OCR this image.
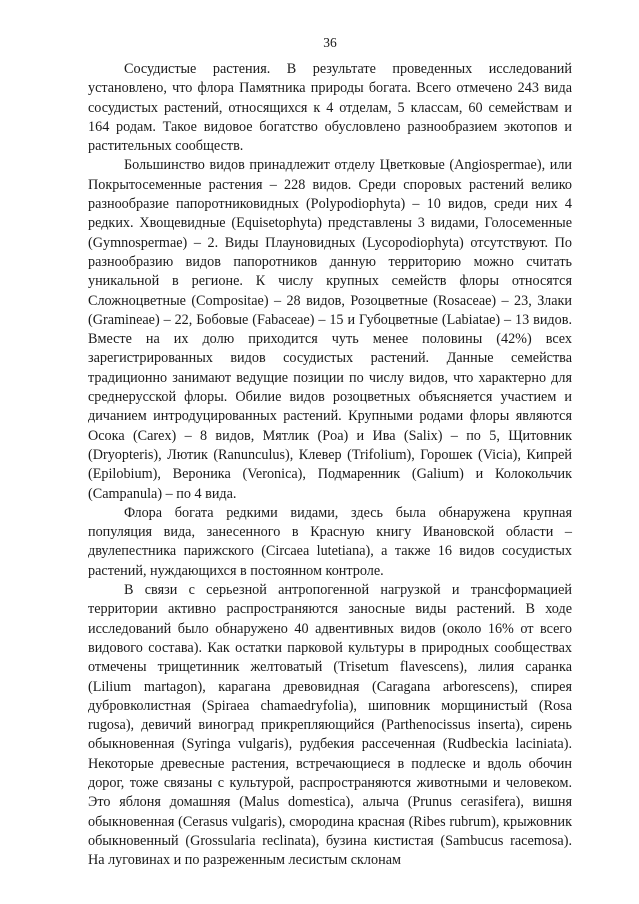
36

Сосудистые растения. В результате проведенных исследований установлено, что флора Памятника природы богата. Всего отмечено 243 вида сосудистых растений, относящихся к 4 отделам, 5 классам, 60 семействам и 164 родам. Такое видовое богатство обусловлено разнообразием экотопов и растительных сообществ.

Большинство видов принадлежит отделу Цветковые (Angiospermae), или Покрытосеменные растения – 228 видов. Среди споровых растений велико разнообразие папоротниковидных (Polypodiophyta) – 10 видов, среди них 4 редких. Хвощевидные (Equisetophyta) представлены 3 видами, Голосеменные (Gymnospermae) – 2. Виды Плауновидных (Lycopodiophyta) отсутствуют. По разнообразию видов папоротников данную территорию можно считать уникальной в регионе. К числу крупных семейств флоры относятся Сложноцветные (Compositae) – 28 видов, Розоцветные (Rosaceae) – 23, Злаки (Gramineae) – 22, Бобовые (Fabaceae) – 15 и Губоцветные (Labiatae) – 13 видов. Вместе на их долю приходится чуть менее половины (42%) всех зарегистрированных видов сосудистых растений. Данные семейства традиционно занимают ведущие позиции по числу видов, что характерно для среднерусской флоры. Обилие видов розоцветных объясняется участием и дичанием интродуцированных растений. Крупными родами флоры являются Осока (Carex) – 8 видов, Мятлик (Poa) и Ива (Salix) – по 5, Щитовник (Dryopteris), Лютик (Ranunculus), Клевер (Trifolium), Горошек (Vicia), Кипрей (Epilobium), Вероника (Veronica), Подмаренник (Galium) и Колокольчик (Campanula) – по 4 вида.

Флора богата редкими видами, здесь была обнаружена крупная популяция вида, занесенного в Красную книгу Ивановской области – двулепестника парижского (Circaea lutetiana), а также 16 видов сосудистых растений, нуждающихся в постоянном контроле.

В связи с серьезной антропогенной нагрузкой и трансформацией территории активно распространяются заносные виды растений. В ходе исследований было обнаружено 40 адвентивных видов (около 16% от всего видового состава). Как остатки парковой культуры в природных сообществах отмечены трищетинник желтоватый (Trisetum flavescens), лилия саранка (Lilium martagon), карагана древовидная (Caragana arborescens), спирея дубровколистная (Spiraea chamaedryfolia), шиповник морщинистый (Rosa rugosa), девичий виноград прикрепляющийся (Parthenocissus inserta), сирень обыкновенная (Syringa vulgaris), рудбекия рассеченная (Rudbeckia laciniata). Некоторые древесные растения, встречающиеся в подлеске и вдоль обочин дорог, тоже связаны с культурой, распространяются животными и человеком. Это яблоня домашняя (Malus domestica), алыча (Prunus cerasifera), вишня обыкновенная (Cerasus vulgaris), смородина красная (Ribes rubrum), крыжовник обыкновенный (Grossularia reclinata), бузина кистистая (Sambucus racemosa). На луговинах и по разреженным лесистым склонам
